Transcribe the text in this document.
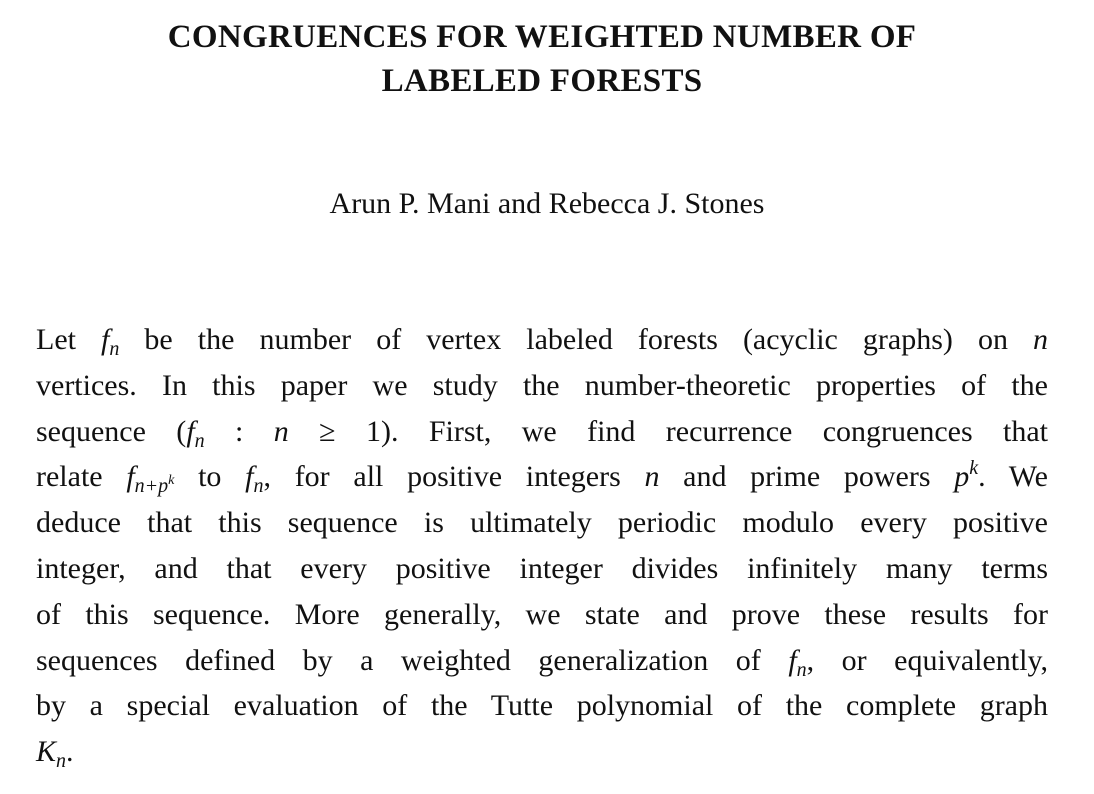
CONGRUENCES FOR WEIGHTED NUMBER OF
LABELED FORESTS

Arun P. Mani and Rebecca J. Stones

Let $f_n$ be the number of vertex labeled forests (acyclic graphs) on n
vertices. In this paper we study the number-theoretic properties of the
sequence ($f_n$ : n ≥ 1). First, we find recurrence congruences that
relate $f_{n+p^k}$ to $f_n$, for all positive integers n and prime powers $p^k$. We
deduce that this sequence is ultimately periodic modulo every positive
integer, and that every positive integer divides infinitely many terms
of this sequence. More generally, we state and prove these results for
sequences defined by a weighted generalization of $f_n$, or equivalently,
by a special evaluation of the Tutte polynomial of the complete graph
$K_n$.
